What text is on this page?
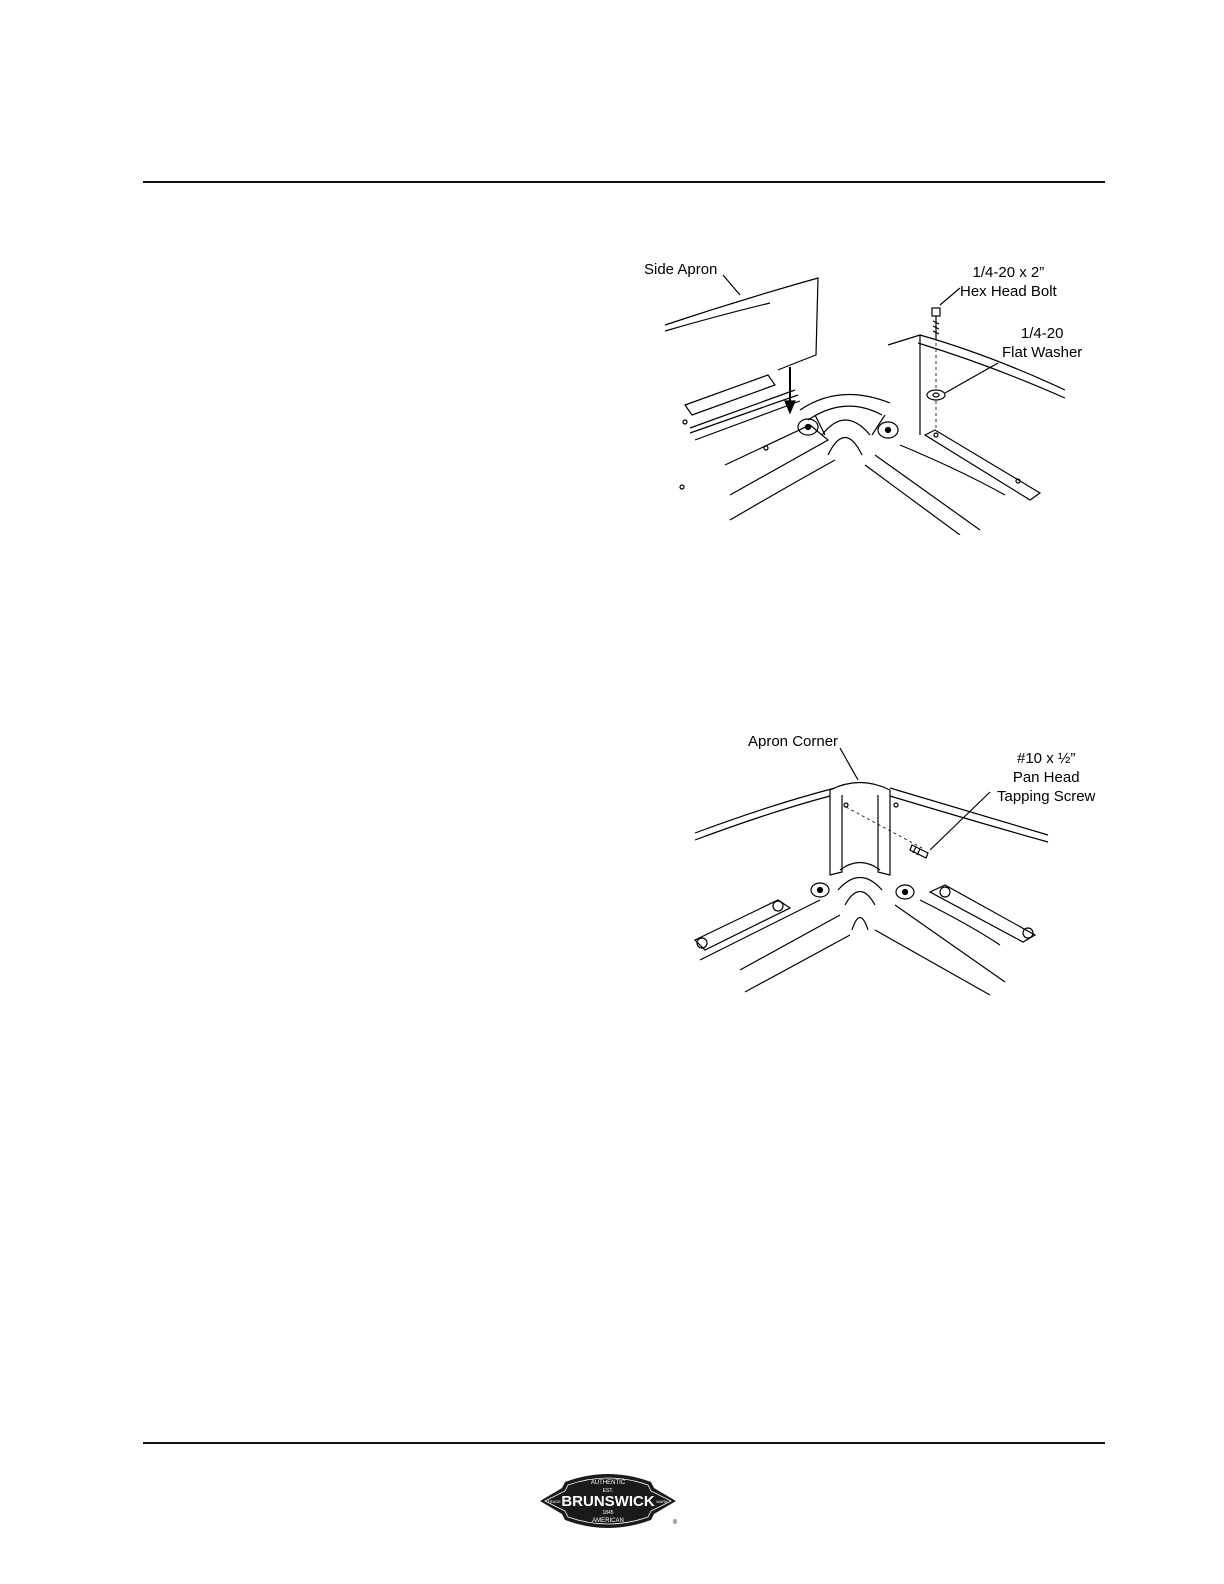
Side Apron	1/4-20 x 2”
Hex Head Bolt
1/4-20
Flat Washer
Apron Corner
#10 x ½”
Pan Head
Tapping Screw
AUTHENTIC
EST.
BRUNSWICK
1845
AMERICAN
TRADE	MARK
®
